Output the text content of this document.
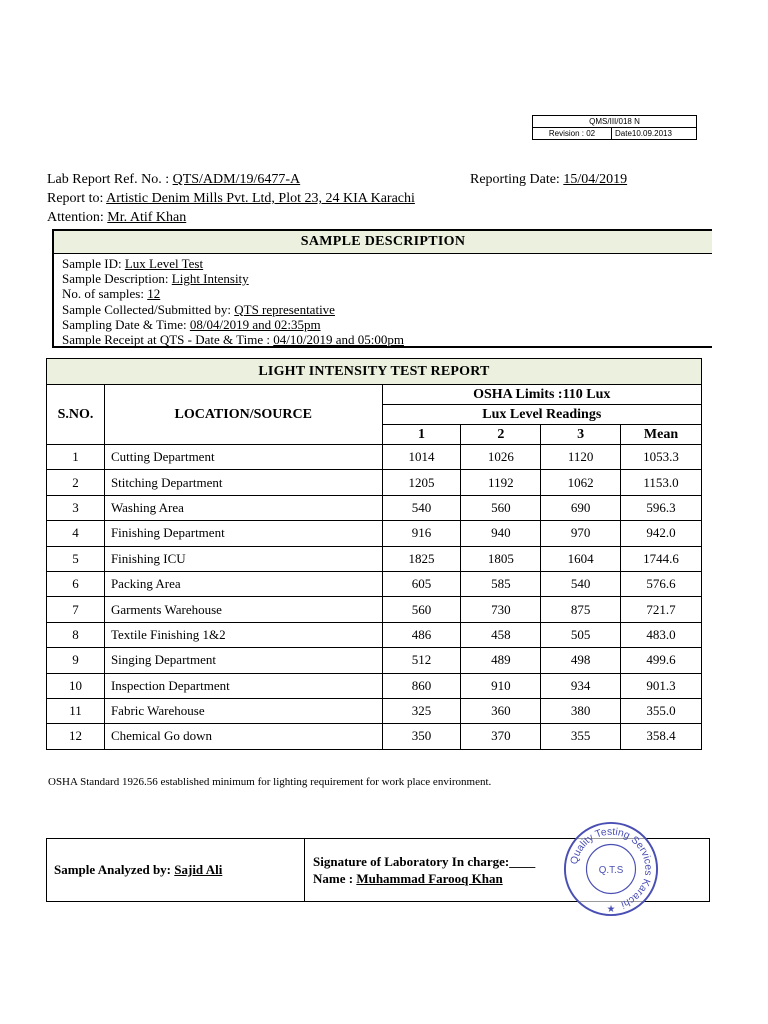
QMS/III/018 N
Revision : 02	Date10.09.2013
Lab Report Ref. No. : QTS/ADM/19/6477-A	Reporting Date: 15/04/2019
Report to: Artistic Denim Mills Pvt. Ltd, Plot 23, 24 KIA Karachi
Attention: Mr. Atif Khan
SAMPLE DESCRIPTION
Sample ID: Lux Level Test
Sample Description: Light Intensity
No. of samples: 12
Sample Collected/Submitted by: QTS representative
Sampling Date & Time: 08/04/2019 and 02:35pm
Sample Receipt at QTS - Date & Time : 04/10/2019 and 05:00pm
LIGHT INTENSITY TEST REPORT					
S.NO.	LOCATION/SOURCE	OSHA Limits :110 Lux			
		Lux Level Readings			
		1	2	3	Mean
1	Cutting Department	1014	1026	1120	1053.3
2	Stitching Department	1205	1192	1062	1153.0
3	Washing Area	540	560	690	596.3
4	Finishing Department	916	940	970	942.0
5	Finishing ICU	1825	1805	1604	1744.6
6	Packing Area	605	585	540	576.6
7	Garments Warehouse	560	730	875	721.7
8	Textile Finishing 1&2	486	458	505	483.0
9	Singing Department	512	489	498	499.6
10	Inspection Department	860	910	934	901.3
11	Fabric Warehouse	325	360	380	355.0
12	Chemical Go down	350	370	355	358.4
OSHA Standard 1926.56 established minimum for lighting requirement for work place environment.
Sample Analyzed by:
Sajid Ali
Signature of Laboratory In charge:____
Name : Muhammad Farooq Khan
Quality Testing Services Karachi
Q.T.S
★
